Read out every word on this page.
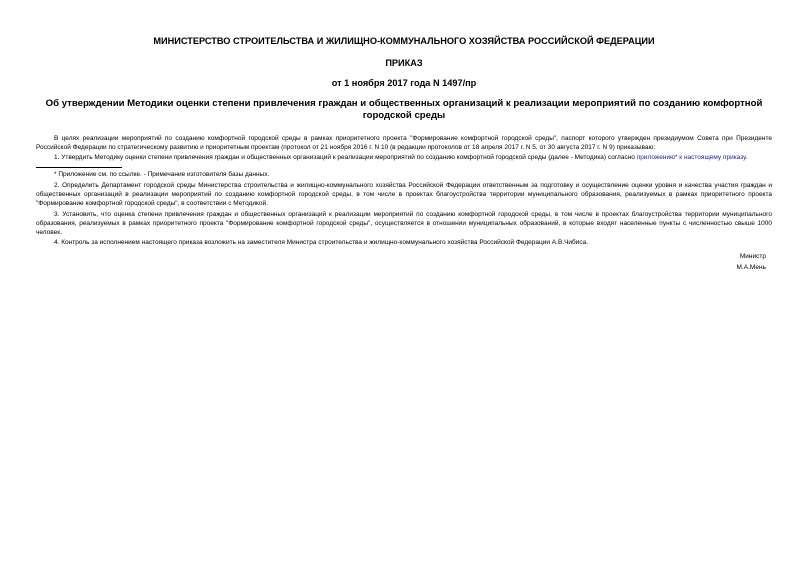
МИНИСТЕРСТВО СТРОИТЕЛЬСТВА И ЖИЛИЩНО-КОММУНАЛЬНОГО ХОЗЯЙСТВА РОССИЙСКОЙ ФЕДЕРАЦИИ
ПРИКАЗ
от 1 ноября 2017 года N 1497/пр
Об утверждении Методики оценки степени привлечения граждан и общественных организаций к реализации мероприятий по созданию комфортной городской среды

В целях реализации мероприятий по созданию комфортной городской среды в рамках приоритетного проекта "Формирование комфортной городской среды", паспорт которого утвержден президиумом Совета при Президенте Российской Федерации по стратегическому развитию и приоритетным проектам (протокол от 21 ноября 2016 г. N 10 (в редакции протоколов от 18 апреля 2017 г. N 5, от 30 августа 2017 г. N 9) приказываю:

1. Утвердить Методику оценки степени привлечения граждан и общественных организаций к реализации мероприятий по созданию комфортной городской среды (далее - Методика) согласно приложению* к настоящему приказу.

* Приложение см. по ссылке. - Примечание изготовителя базы данных.

2. Определить Департамент городской среды Министерства строительства и жилищно-коммунального хозяйства Российской Федерации ответственным за подготовку и осуществление оценки уровня и качества участия граждан и общественных организаций в реализации мероприятий по созданию комфортной городской среды, в том числе в проектах благоустройства территории муниципального образования, реализуемых в рамках приоритетного проекта "Формирование комфортной городской среды", в соответствии с Методикой.

3. Установить, что оценка степени привлечения граждан и общественных организаций к реализации мероприятий по созданию комфортной городской среды, в том числе в проектах благоустройства территории муниципального образования, реализуемых в рамках приоритетного проекта "Формирование комфортной городской среды", осуществляется в отношении муниципальных образований, в которые входят населенные пункты с численностью свыше 1000 человек.

4. Контроль за исполнением настоящего приказа возложить на заместителя Министра строительства и жилищно-коммунального хозяйства Российской Федерации А.В.Чибиса.

Министр
М.А.Мень
